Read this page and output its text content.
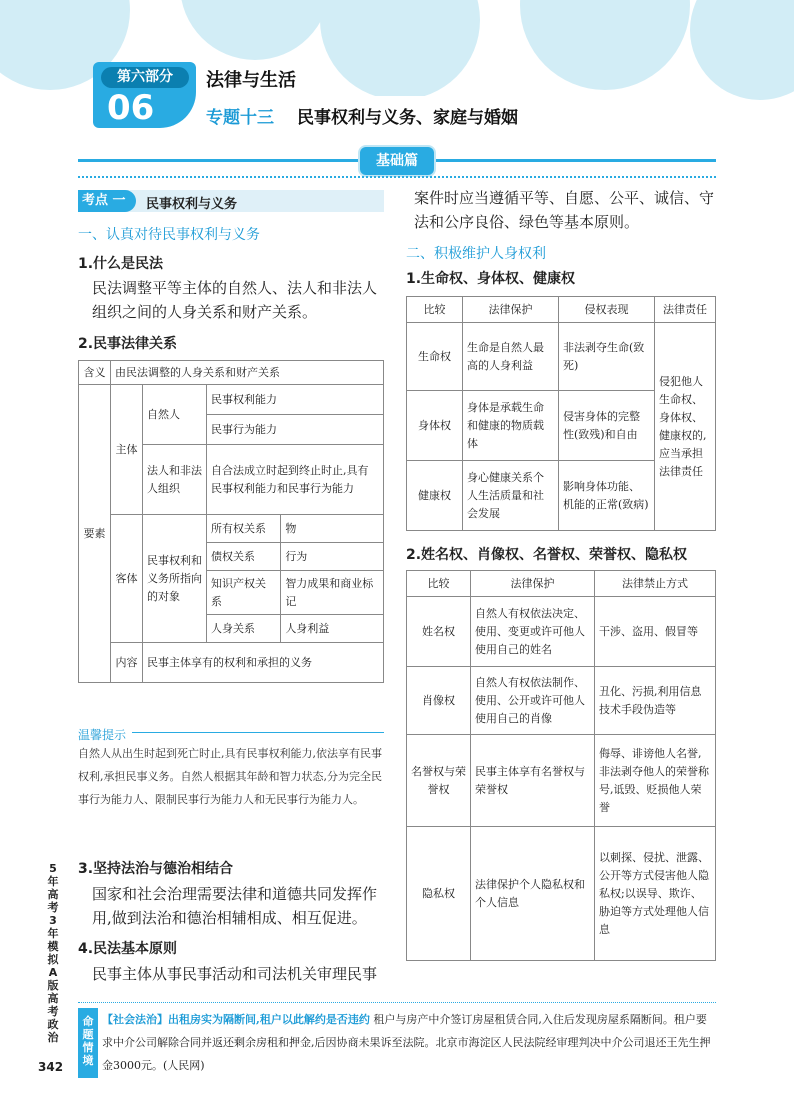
第六部分
06
法律与生活
专题十三 民事权利与义务、家庭与婚姻
基础篇
考点 一	民事权利与义务
一、认真对待民事权利与义务
1.什么是民法
民法调整平等主体的自然人、法人和非法人组织之间的人身关系和财产关系。
2.民事法律关系
含义	由民法调整的人身关系和财产关系			
要素	主体	自然人	民事权利能力	
			民事行为能力	
		法人和非法人组织	自合法成立时起到终止时止,具有民事权利能力和民事行为能力	
	客体	民事权利和义务所指向的对象	所有权关系	物
			债权关系	行为
			知识产权关系	智力成果和商业标记
			人身关系	人身利益
	内容	民事主体享有的权利和承担的义务		
温馨提示
自然人从出生时起到死亡时止,具有民事权利能力,依法享有民事权利,承担民事义务。自然人根据其年龄和智力状态,分为完全民事行为能力人、限制民事行为能力人和无民事行为能力人。
3.坚持法治与德治相结合
国家和社会治理需要法律和道德共同发挥作用,做到法治和德治相辅相成、相互促进。
4.民法基本原则
民事主体从事民事活动和司法机关审理民事
案件时应当遵循平等、自愿、公平、诚信、守法和公序良俗、绿色等基本原则。
二、积极维护人身权利
1.生命权、身体权、健康权
比较	法律保护	侵权表现	法律责任
生命权	生命是自然人最高的人身利益	非法剥夺生命(致死)	侵犯他人生命权、身体权、健康权的,应当承担法律责任
身体权	身体是承载生命和健康的物质载体	侵害身体的完整性(致残)和自由	
健康权	身心健康关系个人生活质量和社会发展	影响身体功能、机能的正常(致病)	
2.姓名权、肖像权、名誉权、荣誉权、隐私权
比较	法律保护	法律禁止方式
姓名权	自然人有权依法决定、使用、变更或许可他人使用自己的姓名	干涉、盗用、假冒等
肖像权	自然人有权依法制作、使用、公开或许可他人使用自己的肖像	丑化、污损,利用信息技术手段伪造等
名誉权与荣誉权	民事主体享有名誉权与荣誉权	侮辱、诽谤他人名誉,非法剥夺他人的荣誉称号,诋毁、贬损他人荣誉
隐私权	法律保护个人隐私权和个人信息	以刺探、侵扰、泄露、公开等方式侵害他人隐私权;以误导、欺诈、胁迫等方式处理他人信息
5年高考3年模拟A版高考政治
342
命题情境
【社会法治】出租房实为隔断间,租户以此解约是否违约 租户与房产中介签订房屋租赁合同,入住后发现房屋系隔断间。租户要求中介公司解除合同并返还剩余房租和押金,后因协商未果诉至法院。北京市海淀区人民法院经审理判决中介公司退还王先生押金3000元。(人民网)
